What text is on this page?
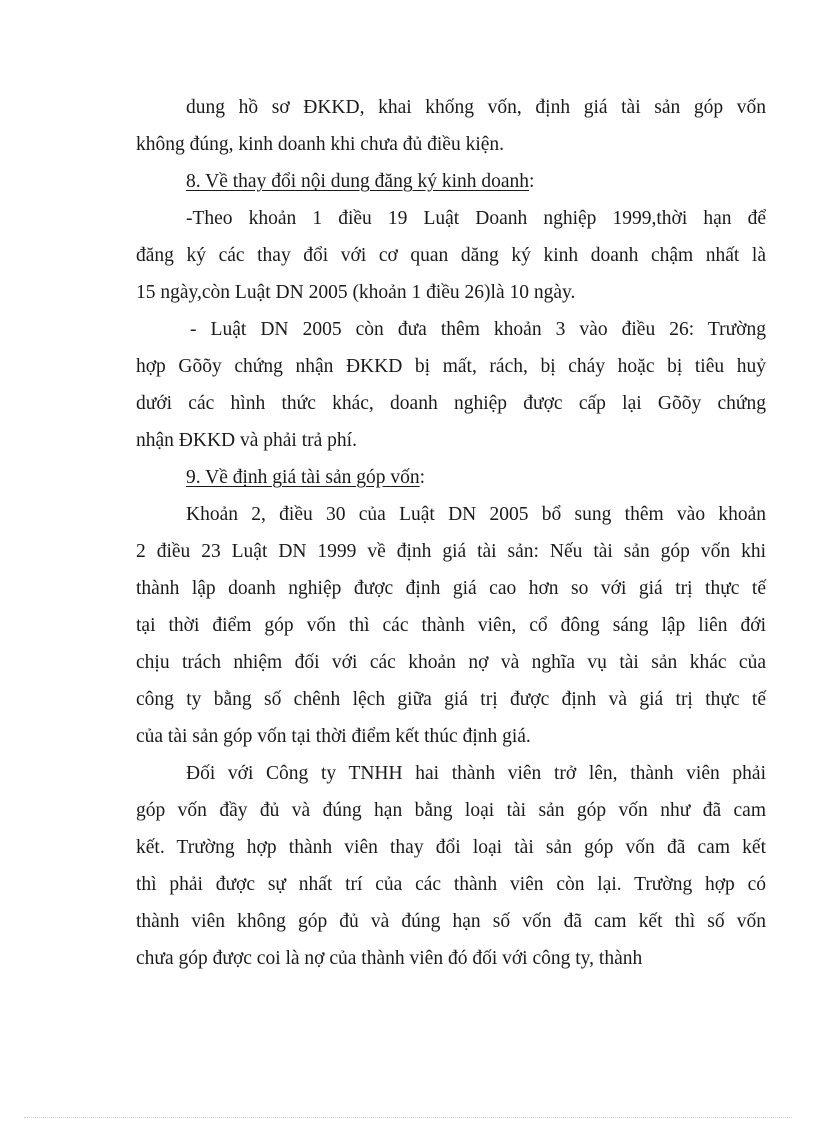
dung hồ sơ ĐKKD, khai khống vốn, định giá tài sản góp vốn
không đúng, kinh doanh khi chưa đủ điều kiện.
8. Về thay đổi nội dung đăng ký kinh doanh:
-Theo khoản 1 điều 19 Luật Doanh nghiệp 1999,thời hạn để
đăng ký các thay đổi với cơ quan dăng ký kinh doanh chậm nhất là
15 ngày,còn Luật DN 2005 (khoản 1 điều 26)là 10 ngày.
- Luật DN 2005 còn đưa thêm khoản 3 vào điều 26: Trường
hợp Gõõy chứng nhận ĐKKD bị mất, rách, bị cháy hoặc bị tiêu huỷ
dưới các hình thức khác, doanh nghiệp được cấp lại Gõõy chứng
nhận ĐKKD và phải trả phí.
9. Về định giá tài sản góp vốn:
Khoản 2, điều 30 của Luật DN 2005 bổ sung thêm vào khoản
2 điều 23 Luật DN 1999 về định giá tài sản: Nếu tài sản góp vốn khi
thành lập doanh nghiệp được định giá cao hơn so với giá trị thực tế
tại thời điểm góp vốn thì các thành viên, cổ đông sáng lập liên đới
chịu trách nhiệm đối với các khoản nợ và nghĩa vụ tài sản khác của
công ty bằng số chênh lệch giữa giá trị được định và giá trị thực tế
của tài sản góp vốn tại thời điểm kết thúc định giá.
Đối với Công ty TNHH hai thành viên trở lên, thành viên phải
góp vốn đầy đủ và đúng hạn bằng loại tài sản góp vốn như đã cam
kết. Trường hợp thành viên thay đổi loại tài sản góp vốn đã cam kết
thì phải được sự nhất trí của các thành viên còn lại. Trường hợp có
thành viên không góp đủ và đúng hạn số vốn đã cam kết thì số vốn
chưa góp được coi là nợ của thành viên đó đối với công ty, thành
